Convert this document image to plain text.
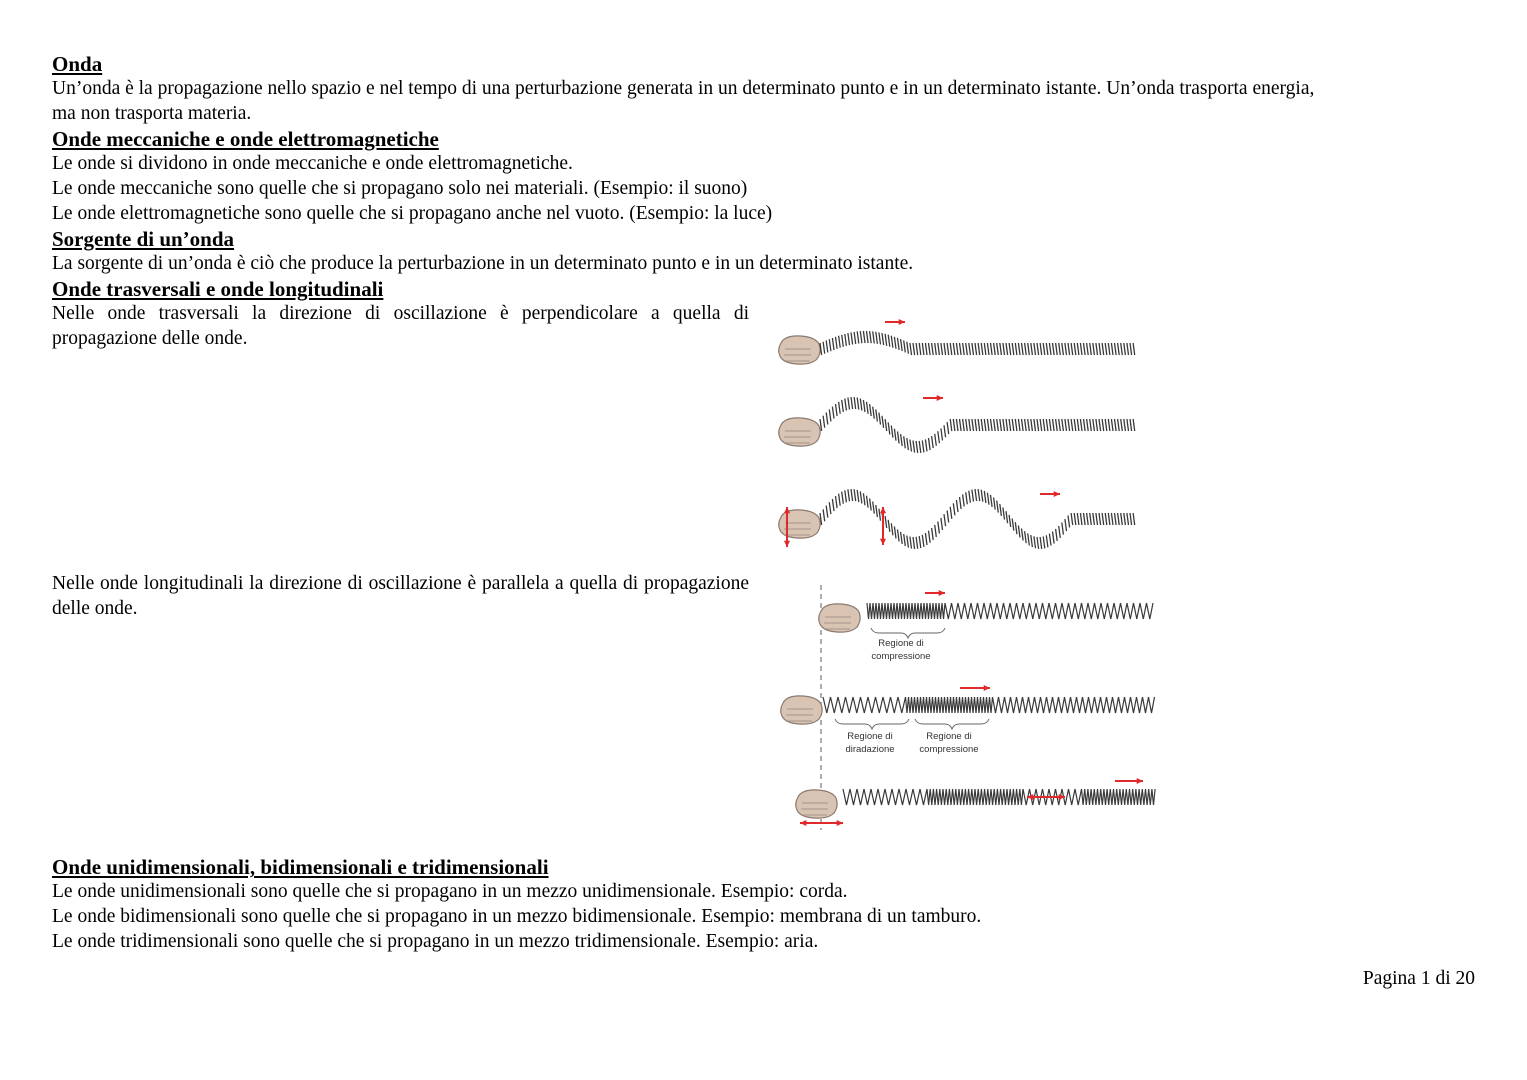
Onda
Un’onda è la propagazione nello spazio e nel tempo di una perturbazione generata in un determinato punto e in un determinato istante. Un’onda trasporta energia,
ma non trasporta materia.
Onde meccaniche e onde elettromagnetiche
Le onde si dividono in onde meccaniche e onde elettromagnetiche.
Le onde meccaniche sono quelle che si propagano solo nei materiali. (Esempio: il suono)
Le onde elettromagnetiche sono quelle che si propagano anche nel vuoto. (Esempio: la luce)
Sorgente di un’onda
La sorgente di un’onda è ciò che produce la perturbazione in un determinato punto e in un determinato istante.
Onde trasversali e onde longitudinali
Nelle onde trasversali la direzione di oscillazione è perpendicolare a quella di propagazione delle onde.
Nelle onde longitudinali la direzione di oscillazione è parallela a quella di propagazione delle onde.
Regione di
compressione
Regione di
diradazione
Regione di
compressione
Onde unidimensionali, bidimensionali e tridimensionali
Le onde unidimensionali sono quelle che si propagano in un mezzo unidimensionale. Esempio: corda.
Le onde bidimensionali sono quelle che si propagano in un mezzo bidimensionale. Esempio: membrana di un tamburo.
Le onde tridimensionali sono quelle che si propagano in un mezzo tridimensionale. Esempio: aria.
Pagina 1 di 20
